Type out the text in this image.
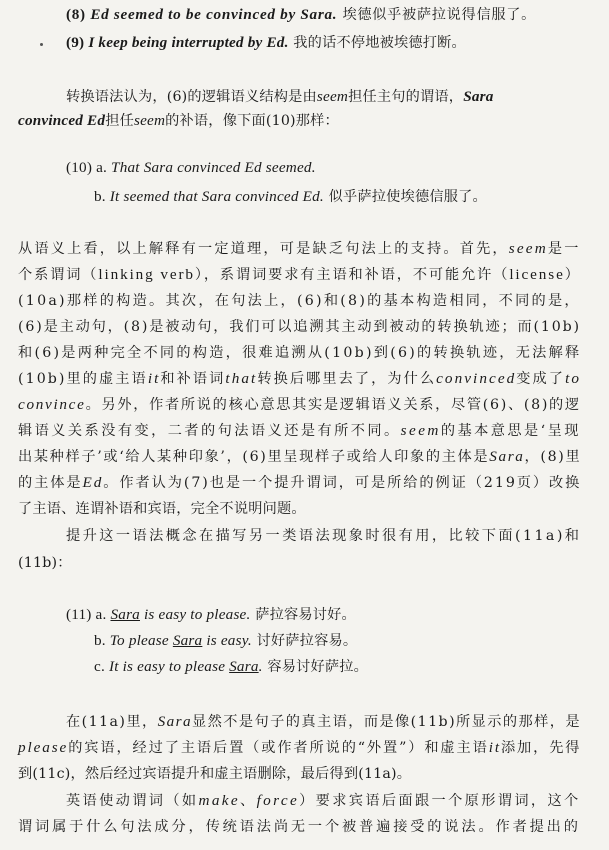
(8) Ed seemed to be convinced by Sara. 埃德似乎被萨拉说得信服了。
(9) I keep being interrupted by Ed. 我的话不停地被埃德打断。
转换语法认为，(6)的逻辑语义结构是由seem担任主句的谓语，Sara
convinced Ed担任seem的补语，像下面(10)那样：
(10) a. That Sara convinced Ed seemed.
b. It seemed that Sara convinced Ed. 似乎萨拉使埃德信服了。
从语义上看，以上解释有一定道理，可是缺乏句法上的支持。首先，seem是一
个系谓词（linking verb），系谓词要求有主语和补语，不可能允许（license）
(10a)那样的构造。其次，在句法上，(6)和(8)的基本构造相同，不同的是，
(6)是主动句，(8)是被动句，我们可以追溯其主动到被动的转换轨迹；而(10b)
和(6)是两种完全不同的构造，很难追溯从(10b)到(6)的转换轨迹，无法解释
(10b)里的虚主语it和补语词that转换后哪里去了，为什么convinced变成了to
convince。另外，作者所说的核心意思其实是逻辑语义关系，尽管(6)、(8)的逻
辑语义关系没有变，二者的句法语义还是有所不同。seem的基本意思是‘呈现
出某种样子’或‘给人某种印象’，(6)里呈现样子或给人印象的主体是Sara，(8)里
的主体是Ed。作者认为(7)也是一个提升谓词，可是所给的例证（219页）改换
了主语、连谓补语和宾语，完全不说明问题。
提升这一语法概念在描写另一类语法现象时很有用，比较下面(11a)和
(11b)：
(11) a. Sara is easy to please. 萨拉容易讨好。
b. To please Sara is easy. 讨好萨拉容易。
c. It is easy to please Sara. 容易讨好萨拉。
在(11a)里，Sara显然不是句子的真主语，而是像(11b)所显示的那样，是
please的宾语，经过了主语后置（或作者所说的“外置”）和虚主语it添加，先得
到(11c)，然后经过宾语提升和虚主语删除，最后得到(11a)。
英语使动谓词（如make、force）要求宾语后面跟一个原形谓词，这个
谓词属于什么句法成分，传统语法尚无一个被普遍接受的说法。作者提出的
